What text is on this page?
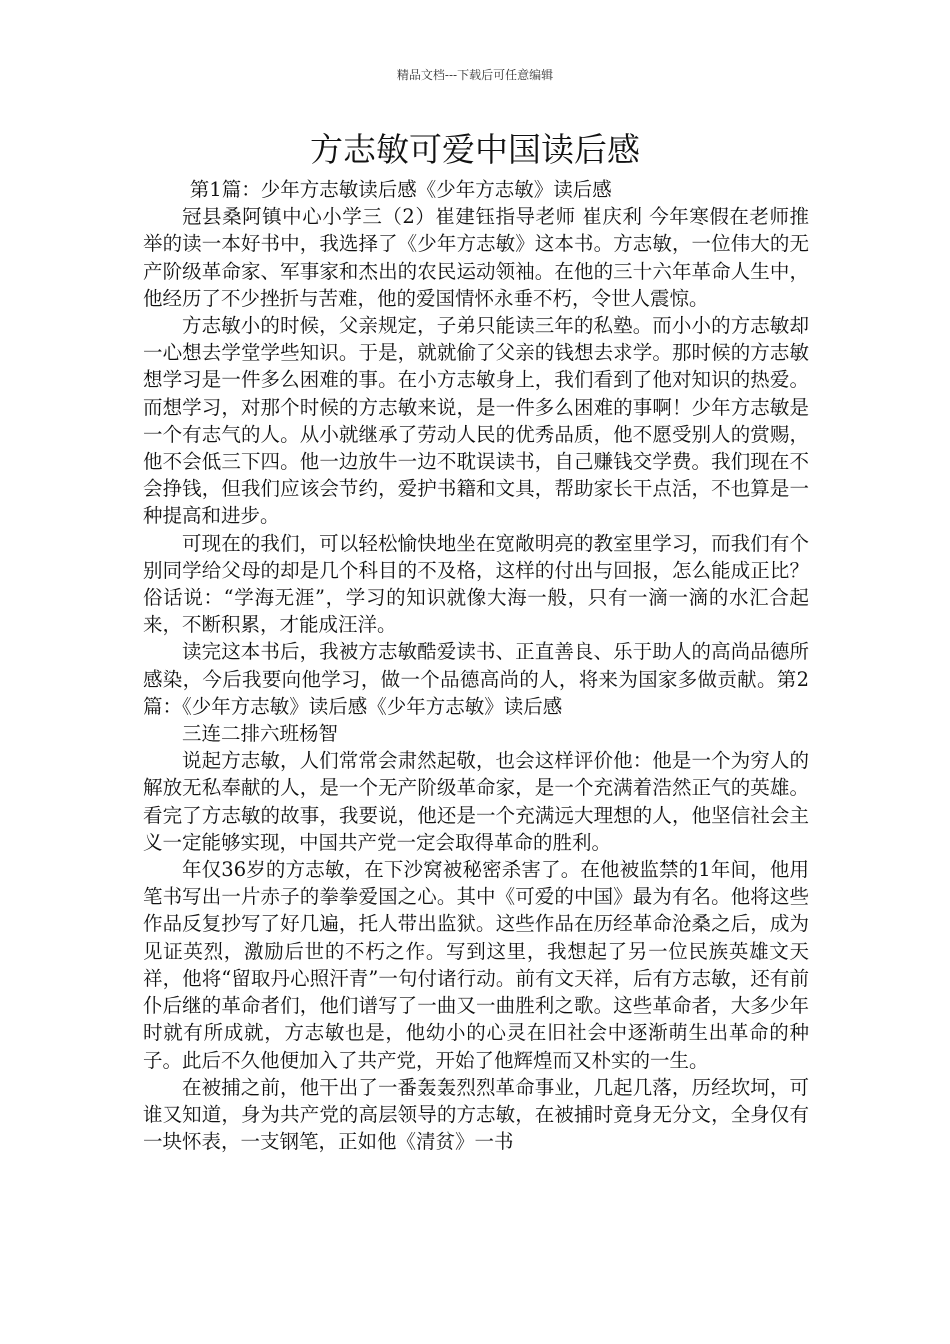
精品文档---下载后可任意编辑
方志敏可爱中国读后感

第1篇：少年方志敏读后感《少年方志敏》读后感

冠县桑阿镇中心小学三（2）崔建钰指导老师 崔庆利 今年寒假在老师推举的读一本好书中，我选择了《少年方志敏》这本书。方志敏，一位伟大的无产阶级革命家、军事家和杰出的农民运动领袖。在他的三十六年革命人生中，他经历了不少挫折与苦难，他的爱国情怀永垂不朽，令世人震惊。

方志敏小的时候，父亲规定，子弟只能读三年的私塾。而小小的方志敏却一心想去学堂学些知识。于是，就就偷了父亲的钱想去求学。那时候的方志敏想学习是一件多么困难的事。在小方志敏身上，我们看到了他对知识的热爱。而想学习，对那个时候的方志敏来说，是一件多么困难的事啊！少年方志敏是一个有志气的人。从小就继承了劳动人民的优秀品质，他不愿受别人的赏赐，他不会低三下四。他一边放牛一边不耽误读书，自己赚钱交学费。我们现在不会挣钱，但我们应该会节约，爱护书籍和文具，帮助家长干点活，不也算是一种提高和进步。

可现在的我们，可以轻松愉快地坐在宽敞明亮的教室里学习，而我们有个别同学给父母的却是几个科目的不及格，这样的付出与回报，怎么能成正比？俗话说：“学海无涯”，学习的知识就像大海一般，只有一滴一滴的水汇合起来，不断积累，才能成汪洋。

读完这本书后，我被方志敏酷爱读书、正直善良、乐于助人的高尚品德所感染，今后我要向他学习，做一个品德高尚的人，将来为国家多做贡献。第2篇：《少年方志敏》读后感《少年方志敏》读后感

三连二排六班杨智

说起方志敏，人们常常会肃然起敬，也会这样评价他：他是一个为穷人的解放无私奉献的人，是一个无产阶级革命家，是一个充满着浩然正气的英雄。看完了方志敏的故事，我要说，他还是一个充满远大理想的人，他坚信社会主义一定能够实现，中国共产党一定会取得革命的胜利。

年仅36岁的方志敏，在下沙窝被秘密杀害了。在他被监禁的1年间，他用笔书写出一片赤子的拳拳爱国之心。其中《可爱的中国》最为有名。他将这些作品反复抄写了好几遍，托人带出监狱。这些作品在历经革命沧桑之后，成为见证英烈，激励后世的不朽之作。写到这里，我想起了另一位民族英雄文天祥，他将“留取丹心照汗青”一句付诸行动。前有文天祥，后有方志敏，还有前仆后继的革命者们，他们谱写了一曲又一曲胜利之歌。这些革命者，大多少年时就有所成就，方志敏也是，他幼小的心灵在旧社会中逐渐萌生出革命的种子。此后不久他便加入了共产党，开始了他辉煌而又朴实的一生。

在被捕之前，他干出了一番轰轰烈烈革命事业，几起几落，历经坎坷，可谁又知道，身为共产党的高层领导的方志敏，在被捕时竟身无分文，全身仅有一块怀表，一支钢笔，正如他《清贫》一书
